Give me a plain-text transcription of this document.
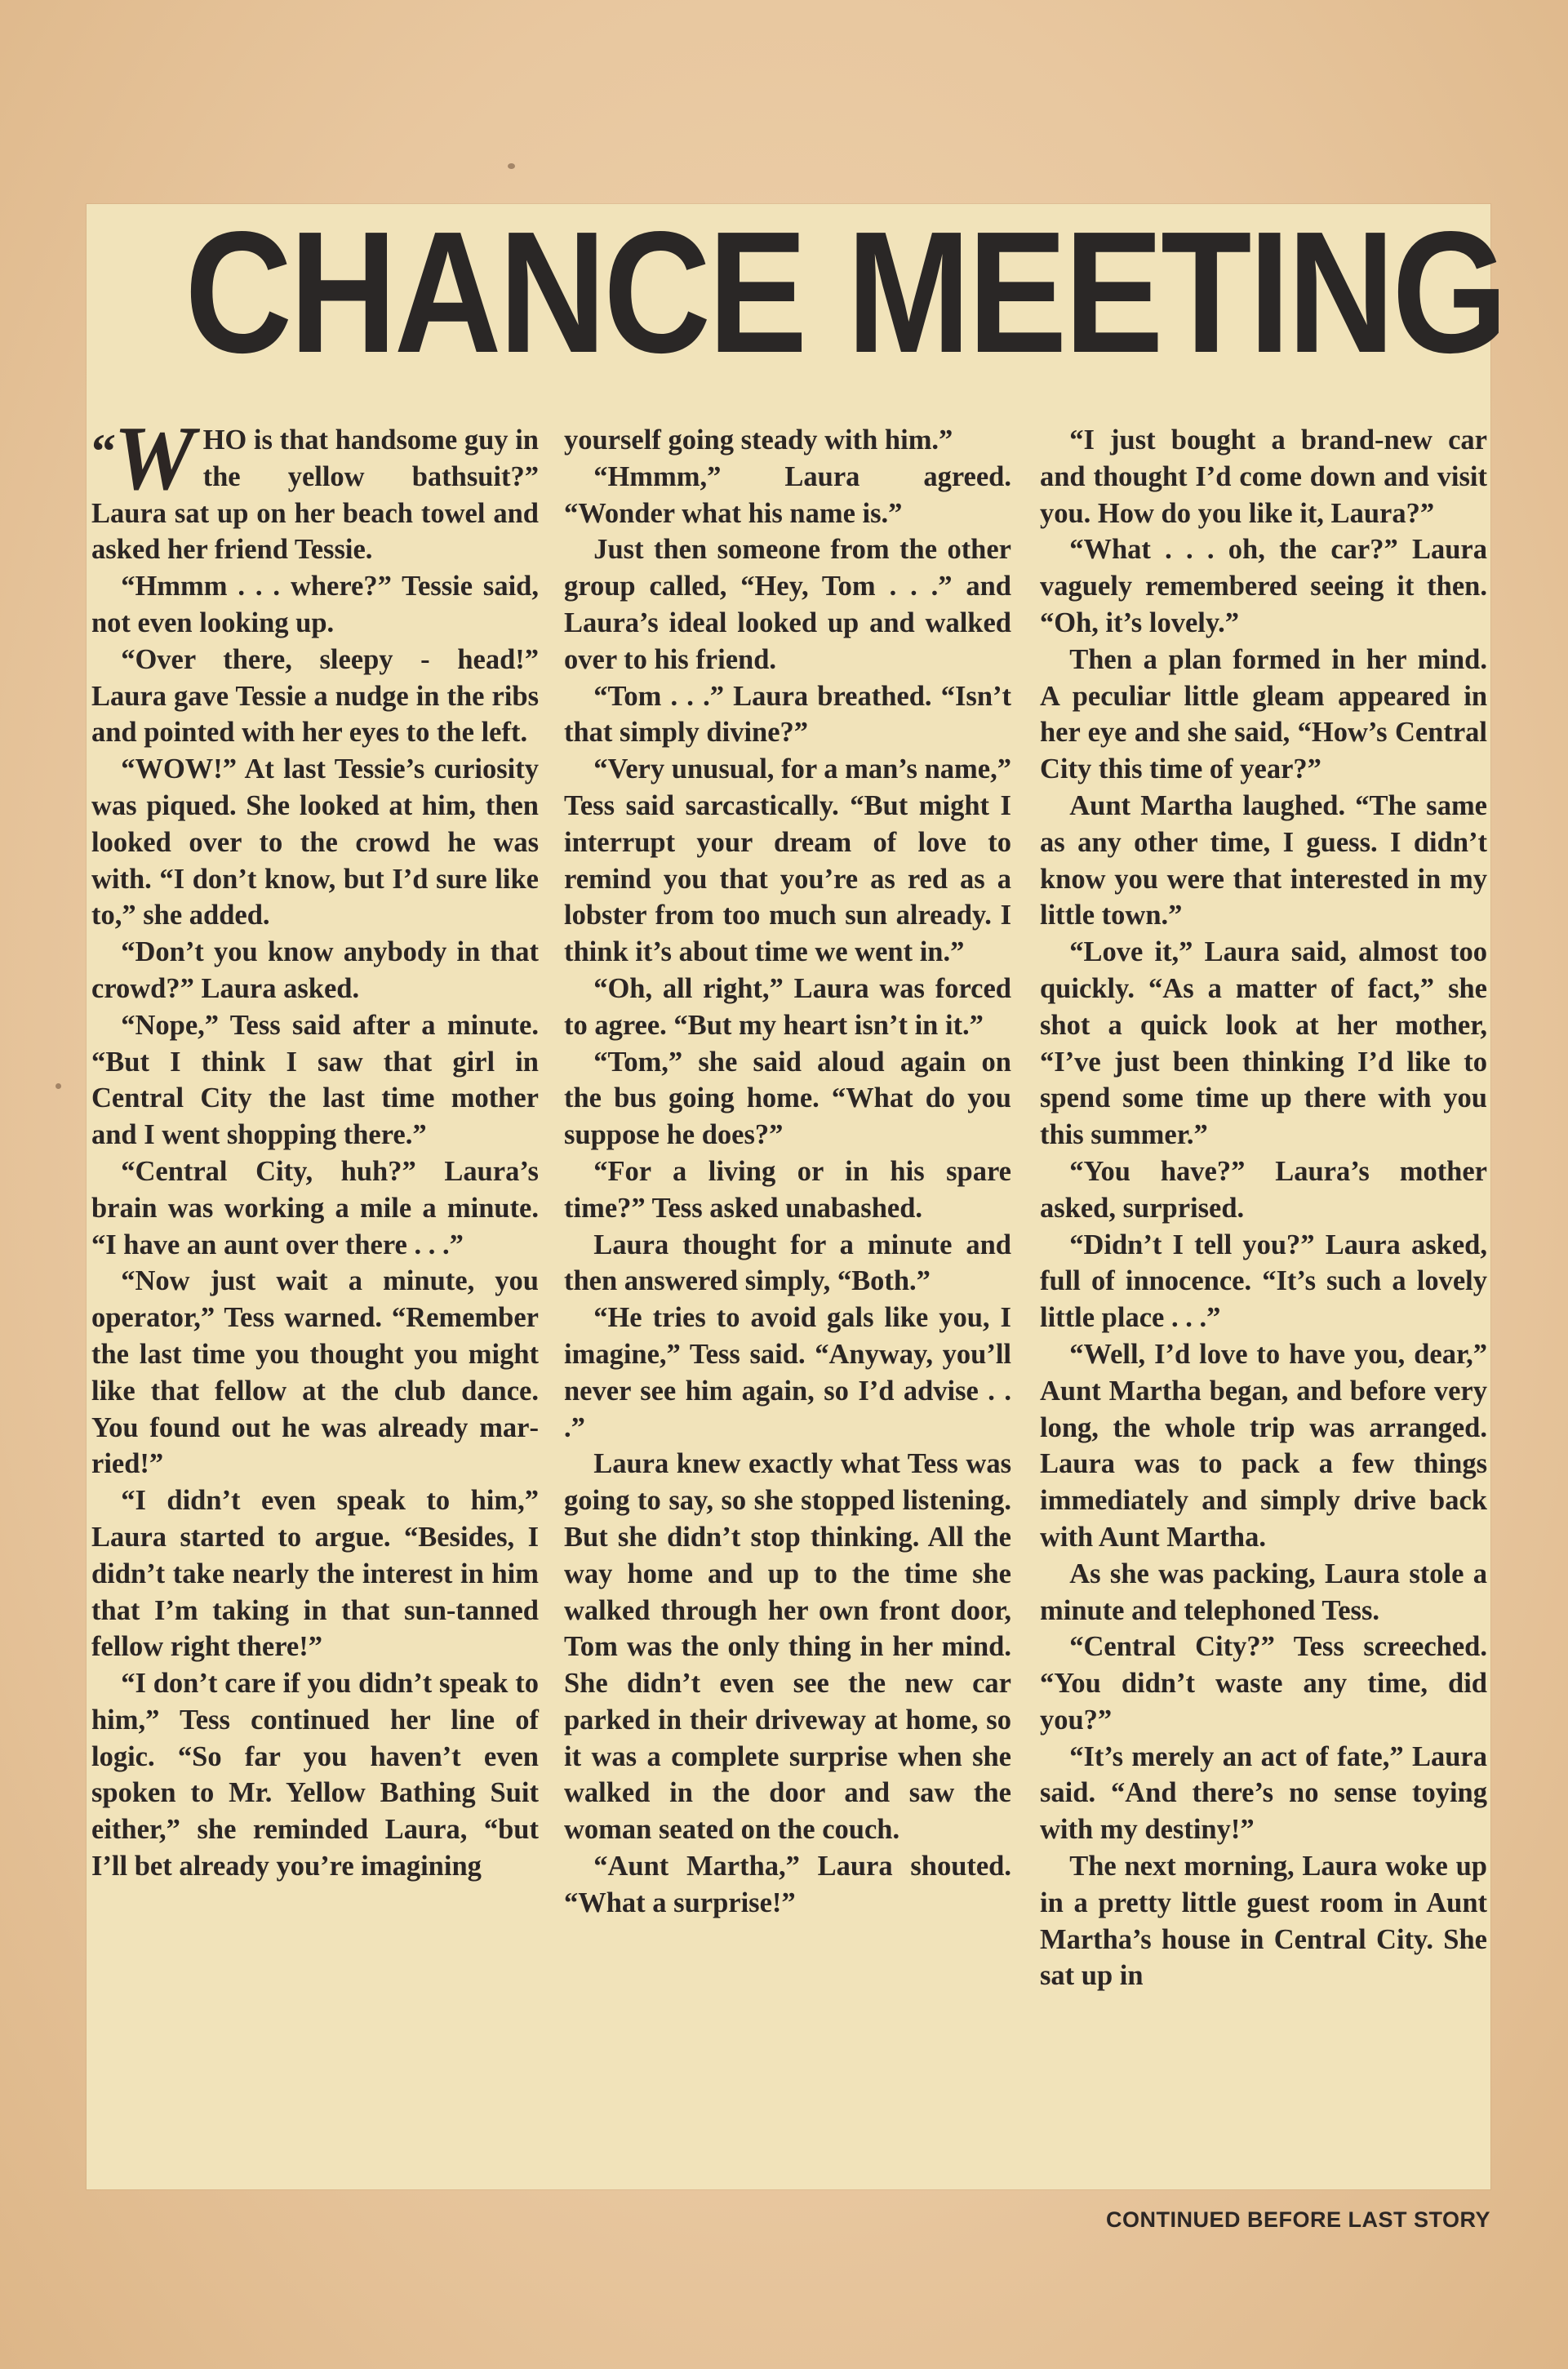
CHANCE MEETING

“W HO is that handsome guy in the yellow bathsuit?” Laura sat up on her beach towel and asked her friend Tessie.

“Hmmm . . . where?” Tessie said, not even looking up.

“Over there, sleepy - head!” Laura gave Tessie a nudge in the ribs and pointed with her eyes to the left.

“WOW!” At last Tessie’s curiosity was piqued. She looked at him, then looked over to the crowd he was with. “I don’t know, but I’d sure like to,” she added.

“Don’t you know anybody in that crowd?” Laura asked.

“Nope,” Tess said after a minute. “But I think I saw that girl in Central City the last time mother and I went shopping there.”

“Central City, huh?” Laura’s brain was working a mile a minute. “I have an aunt over there . . .”

“Now just wait a minute, you operator,” Tess warned. “Remember the last time you thought you might like that fellow at the club dance. You found out he was already married!”

“I didn’t even speak to him,” Laura started to argue. “Besides, I didn’t take nearly the interest in him that I’m taking in that sun-tanned fellow right there!”

“I don’t care if you didn’t speak to him,” Tess continued her line of logic. “So far you haven’t even spoken to Mr. Yellow Bathing Suit either,” she reminded Laura, “but I’ll bet already you’re imagining

yourself going steady with him.”

“Hmmm,” Laura agreed. “Wonder what his name is.”

Just then someone from the other group called, “Hey, Tom . . .” and Laura’s ideal looked up and walked over to his friend.

“Tom . . .” Laura breathed. “Isn’t that simply divine?”

“Very unusual, for a man’s name,” Tess said sarcastically. “But might I interrupt your dream of love to remind you that you’re as red as a lobster from too much sun already. I think it’s about time we went in.”

“Oh, all right,” Laura was forced to agree. “But my heart isn’t in it.”

“Tom,” she said aloud again on the bus going home. “What do you suppose he does?”

“For a living or in his spare time?” Tess asked unabashed.

Laura thought for a minute and then answered simply, “Both.”

“He tries to avoid gals like you, I imagine,” Tess said. “Anyway, you’ll never see him again, so I’d advise . . .”

Laura knew exactly what Tess was going to say, so she stopped listening. But she didn’t stop thinking. All the way home and up to the time she walked through her own front door, Tom was the only thing in her mind. She didn’t even see the new car parked in their driveway at home, so it was a complete surprise when she walked in the door and saw the woman seated on the couch.

“Aunt Martha,” Laura shouted. “What a surprise!”

“I just bought a brand-new car and thought I’d come down and visit you. How do you like it, Laura?”

“What . . . oh, the car?” Laura vaguely remembered seeing it then. “Oh, it’s lovely.”

Then a plan formed in her mind. A peculiar little gleam appeared in her eye and she said, “How’s Central City this time of year?”

Aunt Martha laughed. “The same as any other time, I guess. I didn’t know you were that interested in my little town.”

“Love it,” Laura said, almost too quickly. “As a matter of fact,” she shot a quick look at her mother, “I’ve just been thinking I’d like to spend some time up there with you this summer.”

“You have?” Laura’s mother asked, surprised.

“Didn’t I tell you?” Laura asked, full of innocence. “It’s such a lovely little place . . .”

“Well, I’d love to have you, dear,” Aunt Martha began, and before very long, the whole trip was arranged. Laura was to pack a few things immediately and simply drive back with Aunt Martha.

As she was packing, Laura stole a minute and telephoned Tess.

“Central City?” Tess screeched. “You didn’t waste any time, did you?”

“It’s merely an act of fate,” Laura said. “And there’s no sense toying with my destiny!”

The next morning, Laura woke up in a pretty little guest room in Aunt Martha’s house in Central City. She sat up in

CONTINUED BEFORE LAST STORY
